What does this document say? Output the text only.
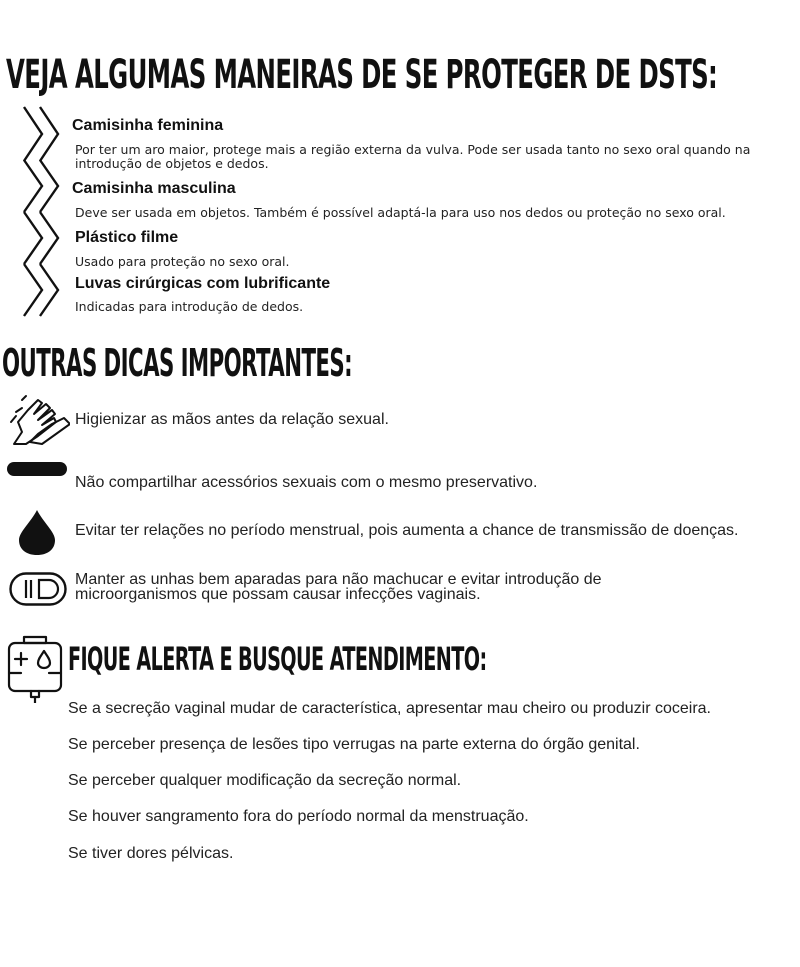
VEJA ALGUMAS MANEIRAS DE SE PROTEGER DE DSTS:
Camisinha feminina
Por ter um aro maior, protege mais a região externa da vulva. Pode ser usada tanto no sexo oral quando na introdução de objetos e dedos.
Camisinha masculina
Deve ser usada em objetos. Também é possível adaptá-la para uso nos dedos ou proteção no sexo oral.
Plástico filme
Usado para proteção no sexo oral.
Luvas cirúrgicas com lubrificante
Indicadas para introdução de dedos.
OUTRAS DICAS IMPORTANTES:
Higienizar as mãos antes da relação sexual.
Não compartilhar acessórios sexuais com o mesmo preservativo.
Evitar ter relações no período menstrual, pois aumenta a chance de transmissão de doenças.
Manter as unhas bem aparadas para não machucar e evitar introdução de microorganismos que possam causar infecções vaginais.
FIQUE ALERTA E BUSQUE ATENDIMENTO:
Se a secreção vaginal mudar de característica, apresentar mau cheiro ou produzir coceira.
Se perceber presença de lesões tipo verrugas na parte externa do órgão genital.
Se perceber qualquer modificação da secreção normal.
Se houver sangramento fora do período normal da menstruação.
Se tiver dores pélvicas.
